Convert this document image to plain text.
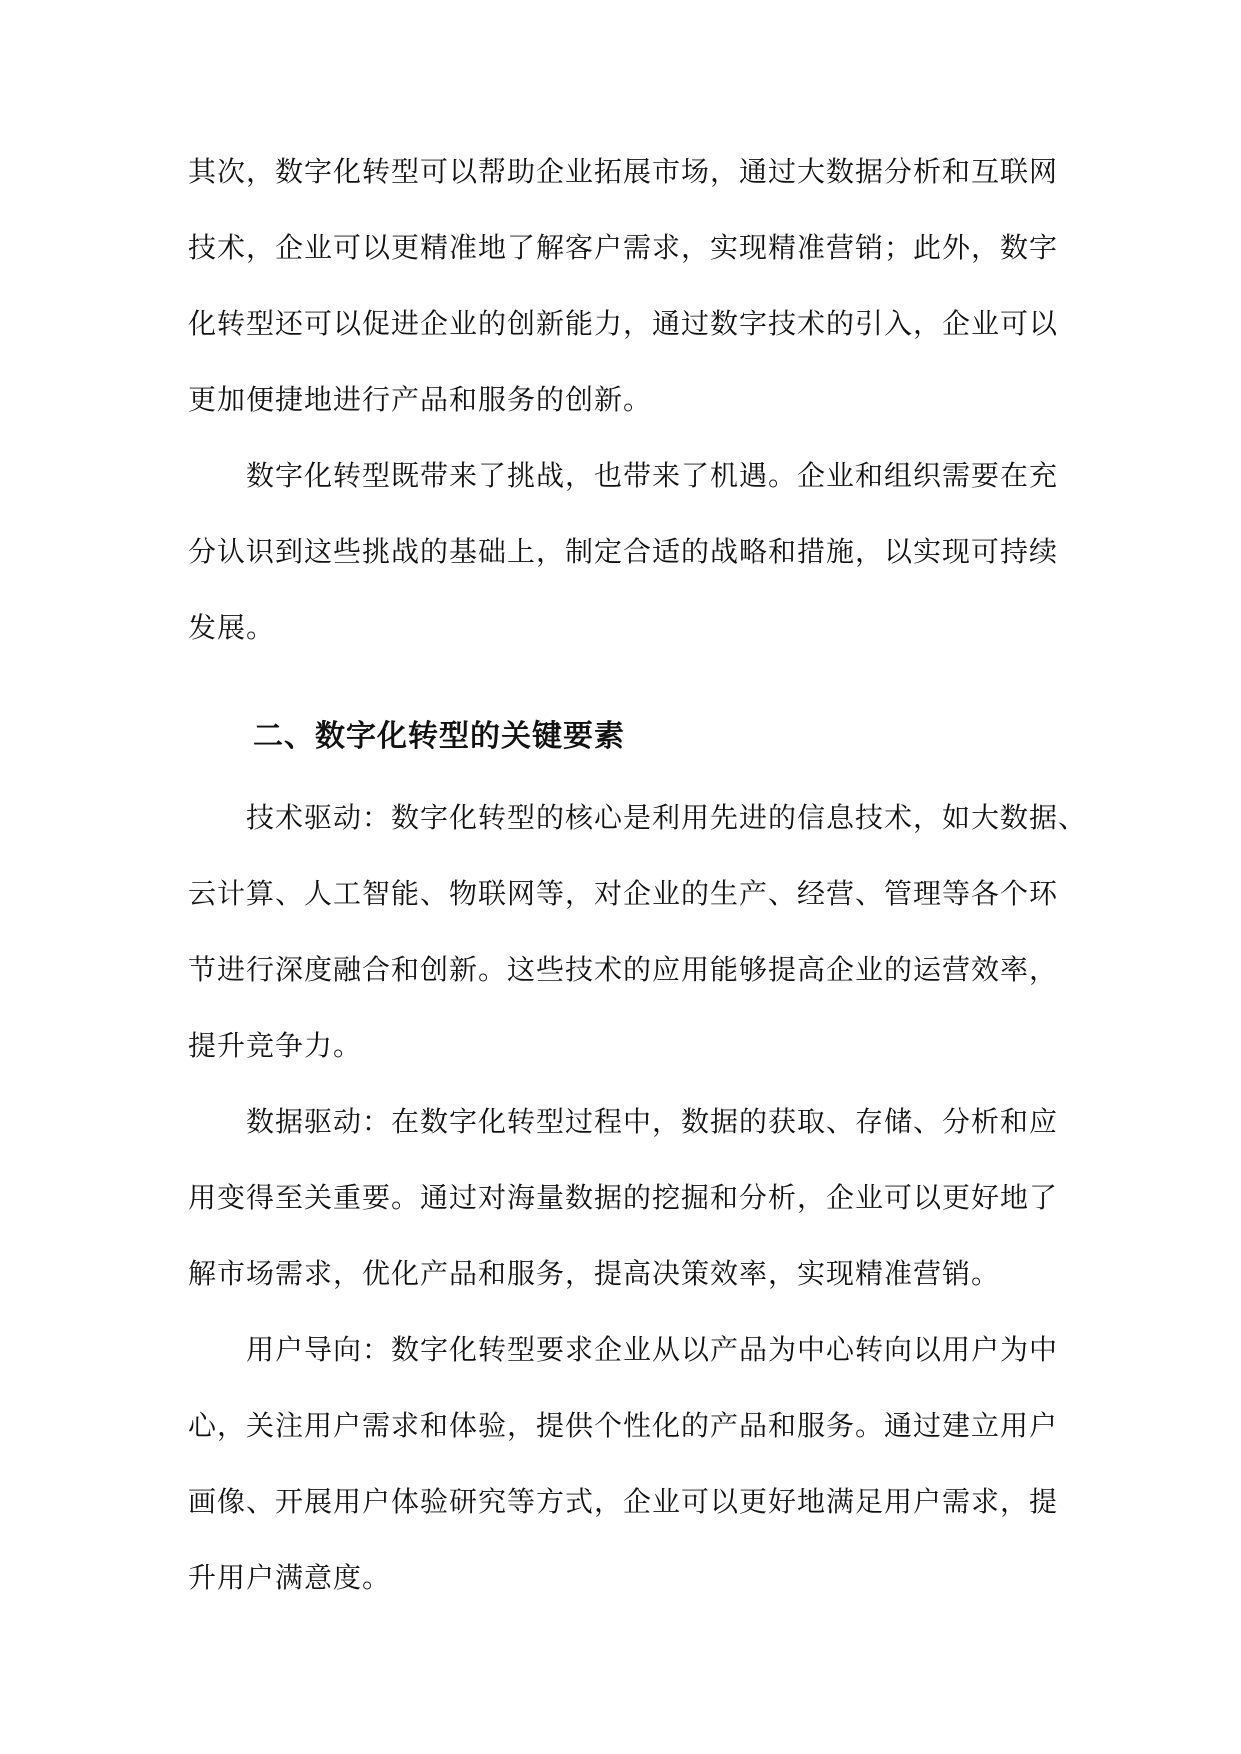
其次，数字化转型可以帮助企业拓展市场，通过大数据分析和互联网
技术，企业可以更精准地了解客户需求，实现精准营销；此外，数字
化转型还可以促进企业的创新能力，通过数字技术的引入，企业可以
更加便捷地进行产品和服务的创新。
数字化转型既带来了挑战，也带来了机遇。企业和组织需要在充
分认识到这些挑战的基础上，制定合适的战略和措施，以实现可持续
发展。
二、数字化转型的关键要素
技术驱动：数字化转型的核心是利用先进的信息技术，如大数据、
云计算、人工智能、物联网等，对企业的生产、经营、管理等各个环
节进行深度融合和创新。这些技术的应用能够提高企业的运营效率，
提升竞争力。
数据驱动：在数字化转型过程中，数据的获取、存储、分析和应
用变得至关重要。通过对海量数据的挖掘和分析，企业可以更好地了
解市场需求，优化产品和服务，提高决策效率，实现精准营销。
用户导向：数字化转型要求企业从以产品为中心转向以用户为中
心，关注用户需求和体验，提供个性化的产品和服务。通过建立用户
画像、开展用户体验研究等方式，企业可以更好地满足用户需求，提
升用户满意度。
